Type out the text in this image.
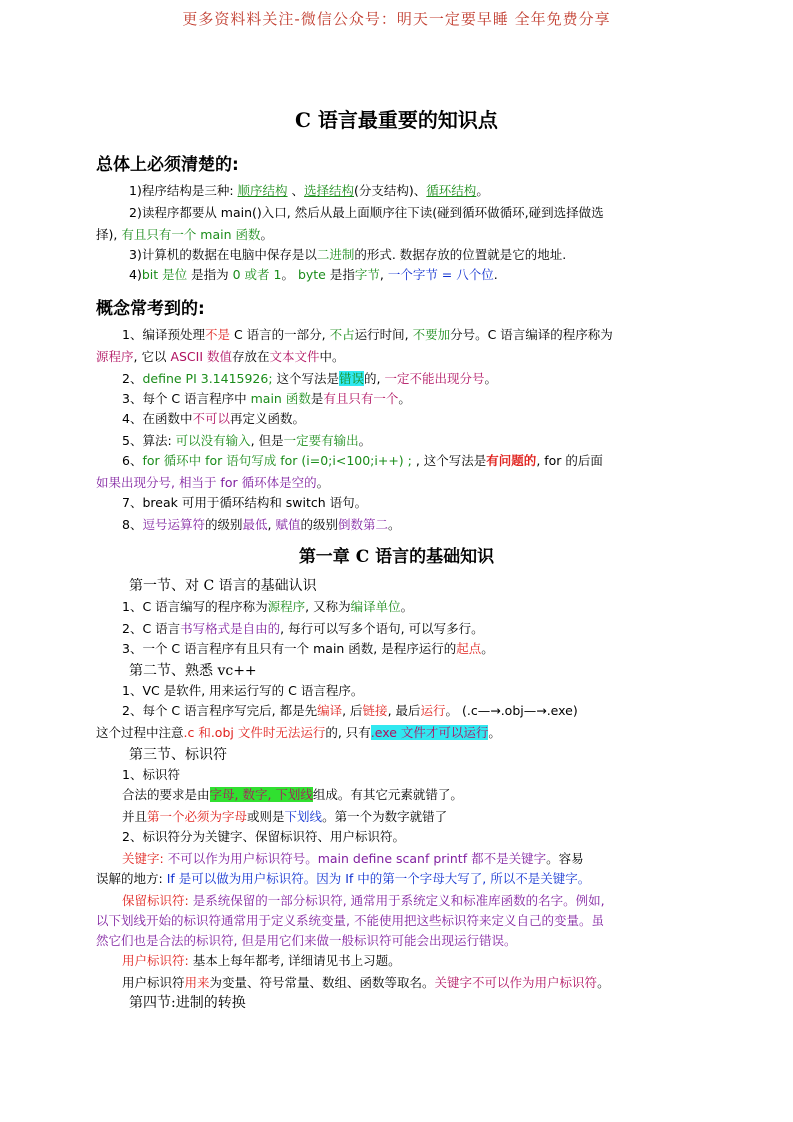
更多资料料关注-微信公众号：明天一定要早睡 全年免费分享
C 语言最重要的知识点
总体上必须清楚的:
1)程序结构是三种: 顺序结构 、选择结构(分支结构)、循环结构。
2)读程序都要从 main()入口, 然后从最上面顺序往下读(碰到循环做循环,碰到选择做选
择), 有且只有一个 main 函数。
3)计算机的数据在电脑中保存是以二进制的形式. 数据存放的位置就是它的地址.
4)bit 是位 是指为 0 或者 1。 byte 是指字节, 一个字节 = 八个位.
概念常考到的:
1、编译预处理不是 C 语言的一部分, 不占运行时间, 不要加分号。C 语言编译的程序称为
源程序, 它以 ASCII 数值存放在文本文件中。
2、define PI 3.1415926; 这个写法是错误的, 一定不能出现分号。
3、每个 C 语言程序中 main 函数是有且只有一个。
4、在函数中不可以再定义函数。
5、算法: 可以没有输入, 但是一定要有输出。
6、for 循环中 for 语句写成 for (i=0;i<100;i++) ; , 这个写法是有问题的, for 的后面
如果出现分号, 相当于 for 循环体是空的。
7、break 可用于循环结构和 switch 语句。
8、逗号运算符的级别最低, 赋值的级别倒数第二。
第一章 C 语言的基础知识
第一节、对 C 语言的基础认识
1、C 语言编写的程序称为源程序, 又称为编译单位。
2、C 语言书写格式是自由的, 每行可以写多个语句, 可以写多行。
3、一个 C 语言程序有且只有一个 main 函数, 是程序运行的起点。
第二节、熟悉 vc++
1、VC 是软件, 用来运行写的 C 语言程序。
2、每个 C 语言程序写完后, 都是先编译, 后链接, 最后运行。 (.c—→.obj—→.exe)
这个过程中注意.c 和.obj 文件时无法运行的, 只有.exe 文件才可以运行。
第三节、标识符
1、标识符
合法的要求是由字母, 数字, 下划线组成。有其它元素就错了。
并且第一个必须为字母或则是下划线。第一个为数字就错了
2、标识符分为关键字、保留标识符、用户标识符。
关键字: 不可以作为用户标识符号。main define scanf printf 都不是关键字。容易
误解的地方: If 是可以做为用户标识符。因为 If 中的第一个字母大写了, 所以不是关键字。
保留标识符: 是系统保留的一部分标识符, 通常用于系统定义和标准库函数的名字。例如,
以下划线开始的标识符通常用于定义系统变量, 不能使用把这些标识符来定义自己的变量。虽
然它们也是合法的标识符, 但是用它们来做一般标识符可能会出现运行错误。
用户标识符: 基本上每年都考, 详细请见书上习题。
用户标识符用来为变量、符号常量、数组、函数等取名。关键字不可以作为用户标识符。
第四节:进制的转换
